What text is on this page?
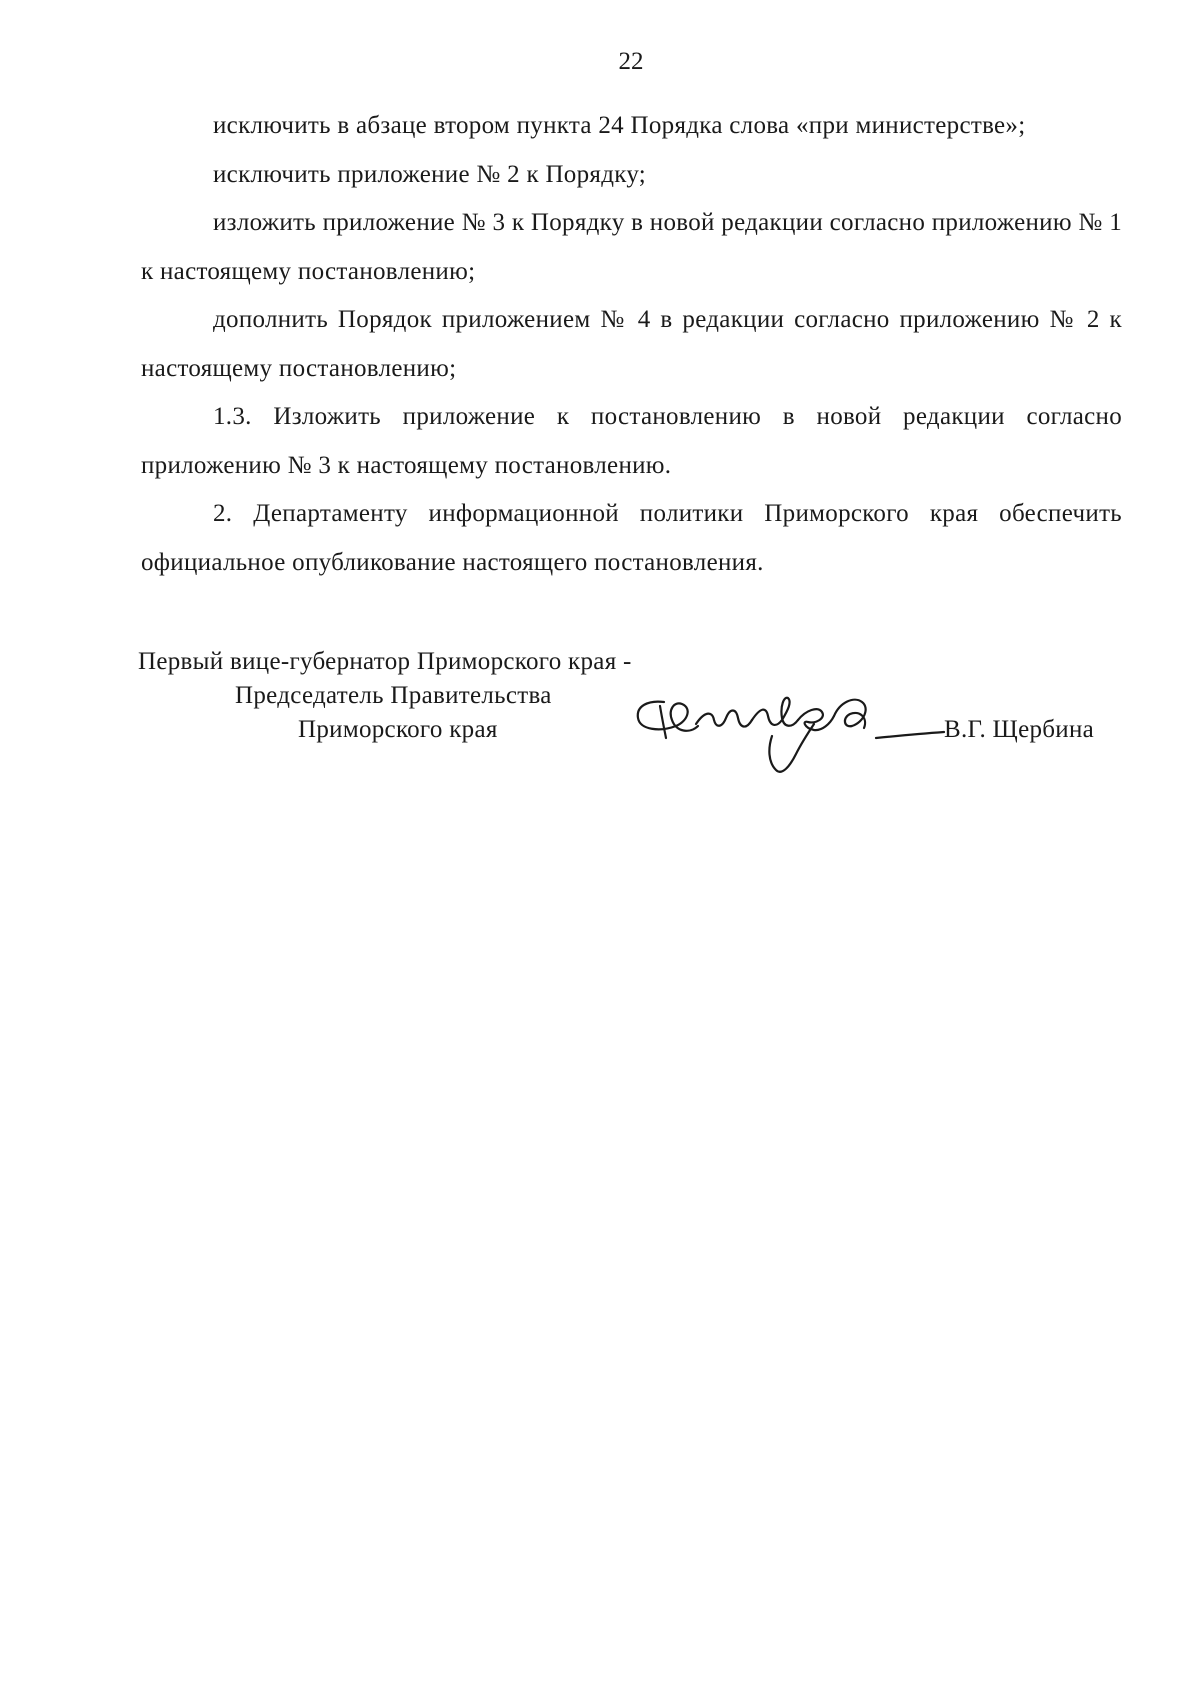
22

исключить в абзаце втором пункта 24 Порядка слова «при министерстве»;

исключить приложение № 2 к Порядку;

изложить приложение № 3 к Порядку в новой редакции согласно приложению № 1 к настоящему постановлению;

дополнить Порядок приложением № 4 в редакции согласно приложению № 2 к настоящему постановлению;

1.3. Изложить приложение к постановлению в новой редакции согласно приложению № 3 к настоящему постановлению.

2. Департаменту информационной политики Приморского края обеспечить официальное опубликование настоящего постановления.

Первый вице-губернатор Приморского края -
Председатель Правительства
Приморского края	В.Г. Щербина
